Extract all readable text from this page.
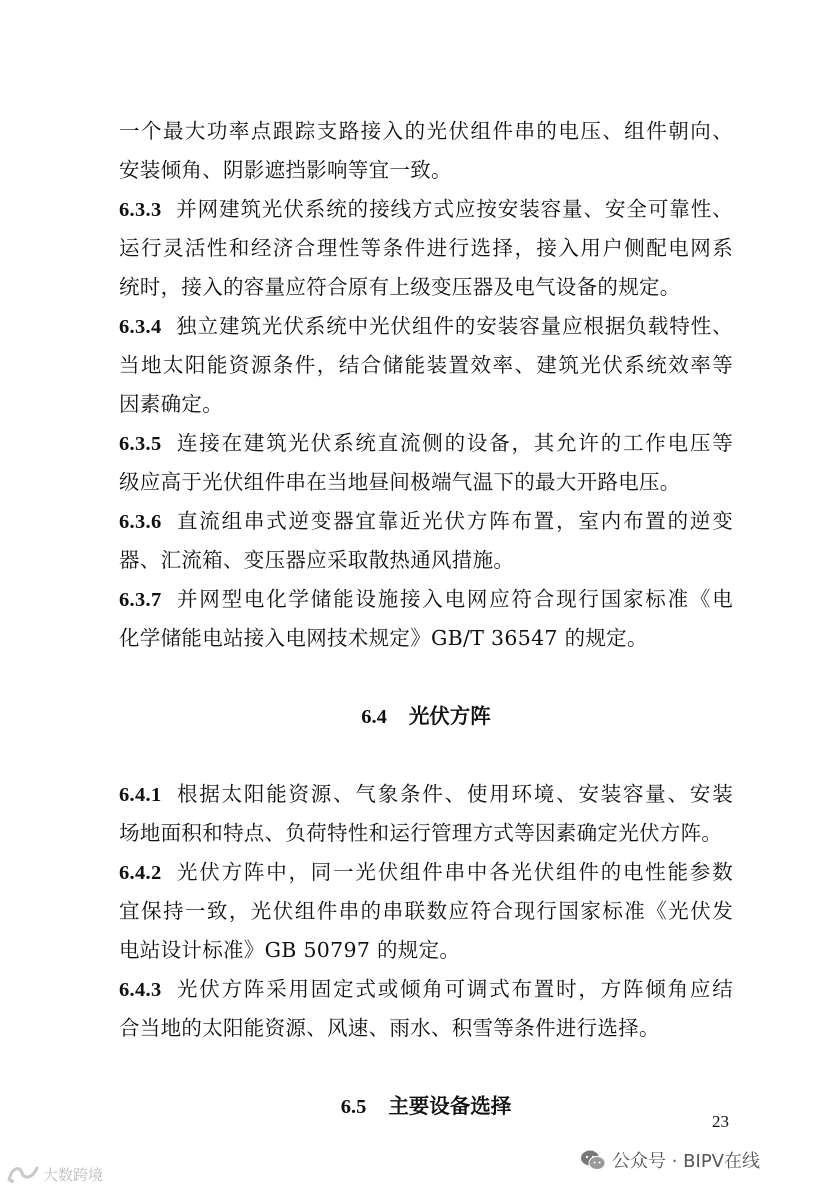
一个最大功率点跟踪支路接入的光伏组件串的电压、组件朝向、

安装倾角、阴影遮挡影响等宜一致。

6.3.3 并网建筑光伏系统的接线方式应按安装容量、安全可靠性、

运行灵活性和经济合理性等条件进行选择，接入用户侧配电网系

统时，接入的容量应符合原有上级变压器及电气设备的规定。

6.3.4 独立建筑光伏系统中光伏组件的安装容量应根据负载特性、

当地太阳能资源条件，结合储能装置效率、建筑光伏系统效率等

因素确定。

6.3.5 连接在建筑光伏系统直流侧的设备，其允许的工作电压等

级应高于光伏组件串在当地昼间极端气温下的最大开路电压。

6.3.6 直流组串式逆变器宜靠近光伏方阵布置，室内布置的逆变

器、汇流箱、变压器应采取散热通风措施。

6.3.7 并网型电化学储能设施接入电网应符合现行国家标准《电

化学储能电站接入电网技术规定》GB/T 36547 的规定。

6.4 光伏方阵

6.4.1 根据太阳能资源、气象条件、使用环境、安装容量、安装

场地面积和特点、负荷特性和运行管理方式等因素确定光伏方阵。

6.4.2 光伏方阵中，同一光伏组件串中各光伏组件的电性能参数

宜保持一致，光伏组件串的串联数应符合现行国家标准《光伏发

电站设计标准》GB 50797 的规定。

6.4.3 光伏方阵采用固定式或倾角可调式布置时，方阵倾角应结

合当地的太阳能资源、风速、雨水、积雪等条件进行选择。

6.5 主要设备选择
23
公众号 · BIPV在线
大数跨境
